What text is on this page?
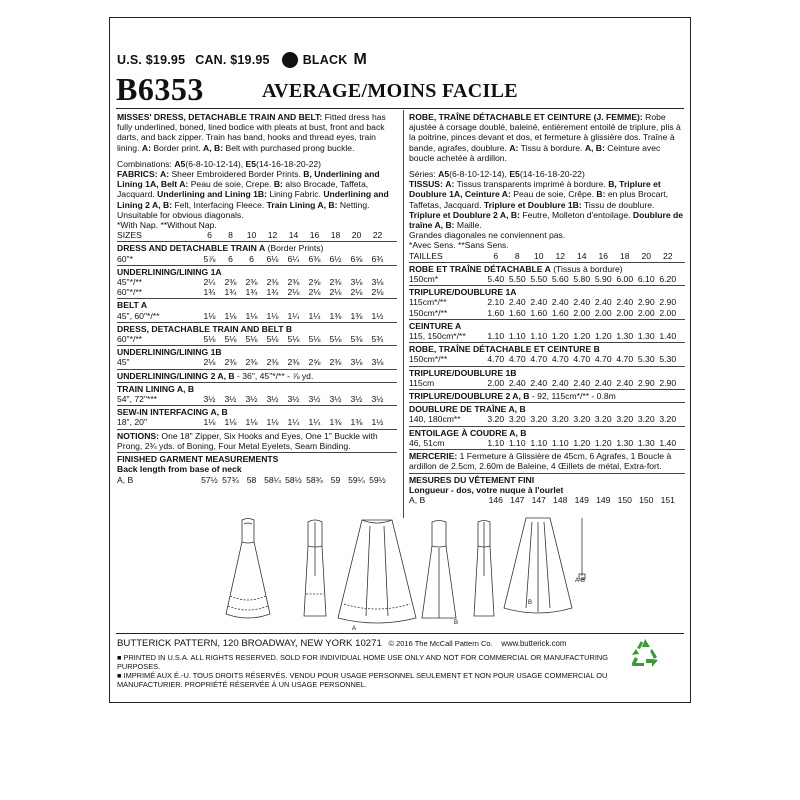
U.S. $19.95 CAN. $19.95	BLACK M
B6353	AVERAGE/MOINS FACILE

MISSES' DRESS, DETACHABLE TRAIN AND BELT: Fitted dress has fully underlined, boned, lined bodice with pleats at bust, front and back darts, and back zipper. Train has band, hooks and thread eyes, train lining. A: Border print. A, B: Belt with purchased prong buckle.

Combinations: A5(6-8-10-12-14), E5(14-16-18-20-22)

FABRICS: A: Sheer Embroidered Border Prints. B, Underlining and Lining 1A, Belt A: Peau de soie, Crepe. B: also Brocade, Taffeta, Jacquard. Underlining and Lining 1B: Lining Fabric. Underlining and Lining 2 A, B: Felt, Interfacing Fleece. Train Lining A, B: Netting.

Unsuitable for obvious diagonals.

*With Nap. **Without Nap.

SIZES	6	8	10	12	14	16	18	20	22

DRESS AND DETACHABLE TRAIN A (Border Prints)

60"*	5⅞	6	6	6⅛	6¼	6⅜	6½	6⅝	6¾

UNDERLINING/LINING 1A

45"*/**	2¼	2⅜	2⅜	2⅜	2⅜	2⅝	2⅜	3⅛	3⅛
60"*/**	1¾	1¾	1¾	1¾	2⅛	2⅛	2⅛	2⅛	2⅛

BELT A

45", 60"*/**	1⅛	1⅛	1⅛	1⅛	1¼	1¼	1⅜	1⅜	1½

DRESS, DETACHABLE TRAIN AND BELT B

60"*/**	5⅛	5⅛	5⅛	5⅛	5⅛	5⅛	5⅛	5⅜	5¾

UNDERLINING/LINING 1B

45"	2⅛	2⅜	2⅜	2⅜	2⅜	2⅝	2⅜	3⅛	3⅛

UNDERLINING/LINING 2 A, B - 36", 45"*/** - ⅞ yd.

TRAIN LINING A, B

54", 72"***	3½	3½	3½	3½	3½	3½	3½	3½	3½

SEW-IN INTERFACING A, B

18", 20"	1⅛	1⅛	1⅛	1⅛	1¼	1¼	1⅜	1⅜	1½

NOTIONS: One 18" Zipper, Six Hooks and Eyes, One 1" Buckle with Prong, 2¾ yds. of Boning, Four Metal Eyelets, Seam Binding.

FINISHED GARMENT MEASUREMENTS

Back length from base of neck

A, B	57½ 57¾ 58 58¼ 58½ 58¾ 59 59¼ 59½

ROBE, TRAÎNE DÉTACHABLE ET CEINTURE (J. FEMME): Robe ajustée à corsage doublé, baleiné, entièrement entoilé de triplure, plis à la poitrine, pinces devant et dos, et fermeture à glissière dos. Traîne à bande, agrafes, doublure. A: Tissu à bordure. A, B: Ceinture avec boucle achetée à ardillon.

Séries: A5(6-8-10-12-14), E5(14-16-18-20-22)

TISSUS: A: Tissus transparents imprimé à bordure. B, Triplure et Doublure 1A, Ceinture A: Peau de soie, Crêpe. B: en plus Brocart, Taffetas, Jacquard. Triplure et Doublure 1B: Tissu de doublure. Triplure et Doublure 2 A, B: Feutre, Molleton d'entoilage. Doublure de traîne A, B: Maille.

Grandes diagonales ne conviennent pas.

*Avec Sens. **Sans Sens.

TAILLES	6	8	10	12	14	16	18	20	22

ROBE ET TRAÎNE DÉTACHABLE A (Tissus à bordure)

150cm*	5.40 5.50 5.50 5.60 5.80 5.90 6.00 6.10 6.20

TRIPLURE/DOUBLURE 1A

115cm*/**	2.10 2.40 2.40 2.40 2.40 2.40 2.40 2.90 2.90
150cm*/**	1.60 1.60 1.60 1.60 2.00 2.00 2.00 2.00 2.00

CEINTURE A

115, 150cm*/**	1.10 1.10 1.10 1.20 1.20 1.20 1.30 1.30 1.40

ROBE, TRAÎNE DÉTACHABLE ET CEINTURE B

150cm*/**	4.70 4.70 4.70 4.70 4.70 4.70 4.70 5.30 5.30

TRIPLURE/DOUBLURE 1B

115cm	2.00 2.40 2.40 2.40 2.40 2.40 2.40 2.90 2.90

TRIPLURE/DOUBLURE 2 A, B - 92, 115cm*/** - 0.8m

DOUBLURE DE TRAÎNE A, B

140, 180cm**	3.20 3.20 3.20 3.20 3.20 3.20 3.20 3.20 3.20

ENTOILAGE À COUDRE A, B

46, 51cm	1.10 1.10 1.10 1.10 1.20 1.20 1.30 1.30 1.40

MERCERIE: 1 Fermeture à Glissière de 45cm, 6 Agrafes, 1 Boucle à ardillon de 2.5cm, 2.60m de Baleine, 4 Œillets de métal, Extra-fort.

MESURES DU VÊTEMENT FINI

Longueur - dos, votre nuque à l'ourlet

A, B	146 147 147 148 149 149 150 150 151
A
B
B
A-B
BUTTERICK PATTERN, 120 BROADWAY, NEW YORK 10271 © 2016 The McCall Pattern Co. www.butterick.com

■ PRINTED IN U.S.A. ALL RIGHTS RESERVED. SOLD FOR INDIVIDUAL HOME USE ONLY AND NOT FOR COMMERCIAL OR MANUFACTURING PURPOSES.

■ IMPRIMÉ AUX É.-U. TOUS DROITS RÉSERVÉS. VENDU POUR USAGE PERSONNEL SEULEMENT ET NON POUR USAGE COMMERCIAL OU MANUFACTURIER. PROPRIÉTÉ RÉSERVÉE À UN USAGE PERSONNEL.
